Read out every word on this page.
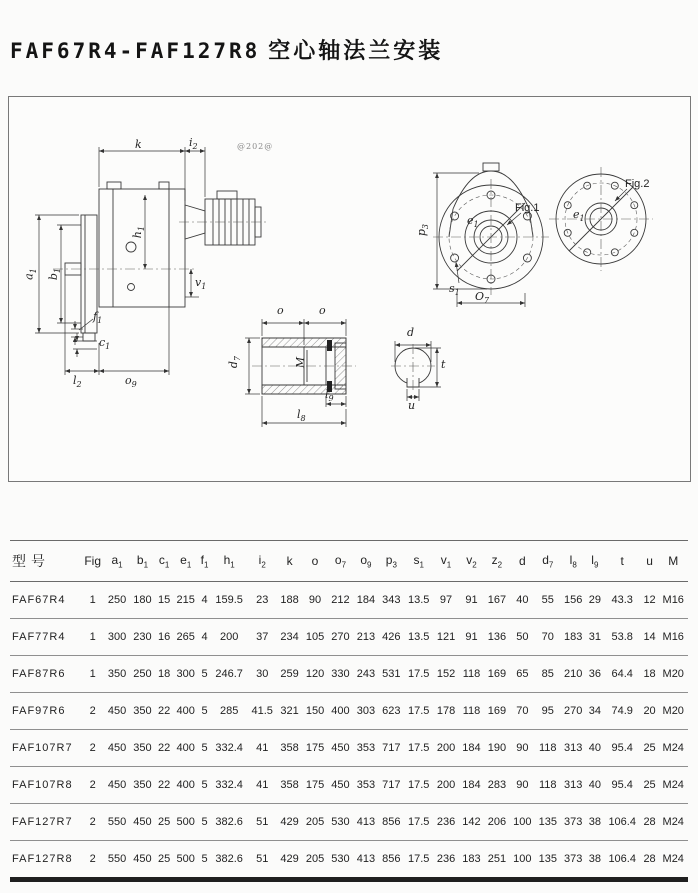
FAF67R4-FAF127R8 空心轴法兰安装
k	$i_2$	@202@
$a_1$
$b_1$
$h_1$
$v_1$
$f_1$
$c_1$
$l_2$	$o_9$
o	o
$d_7$	M
$l_9$
$l_8$
d
t
u
$p_3$
$s_1$ $O_7$
$e_1$
Fig.1	$e_1$
Fig.2
型号	Fig	$a_1$	$b_1$	$c_1$	$e_1$	$f_1$	$h_1$	$i_2$	k	o	$o_7$	$o_9$	$p_3$	$s_1$	$v_1$	$v_2$	$z_2$	d	$d_7$	$l_8$	$l_9$	t	u	M
FAF67R4	1	250	180	15	215	4	159.5	23	188	90	212	184	343	13.5	97	91	167	40	55	156	29	43.3	12	M16
FAF77R4	1	300	230	16	265	4	200	37	234	105	270	213	426	13.5	121	91	136	50	70	183	31	53.8	14	M16
FAF87R6	1	350	250	18	300	5	246.7	30	259	120	330	243	531	17.5	152	118	169	65	85	210	36	64.4	18	M20
FAF97R6	2	450	350	22	400	5	285	41.5	321	150	400	303	623	17.5	178	118	169	70	95	270	34	74.9	20	M20
FAF107R7	2	450	350	22	400	5	332.4	41	358	175	450	353	717	17.5	200	184	190	90	118	313	40	95.4	25	M24
FAF107R8	2	450	350	22	400	5	332.4	41	358	175	450	353	717	17.5	200	184	283	90	118	313	40	95.4	25	M24
FAF127R7	2	550	450	25	500	5	382.6	51	429	205	530	413	856	17.5	236	142	206	100	135	373	38	106.4	28	M24
FAF127R8	2	550	450	25	500	5	382.6	51	429	205	530	413	856	17.5	236	183	251	100	135	373	38	106.4	28	M24
